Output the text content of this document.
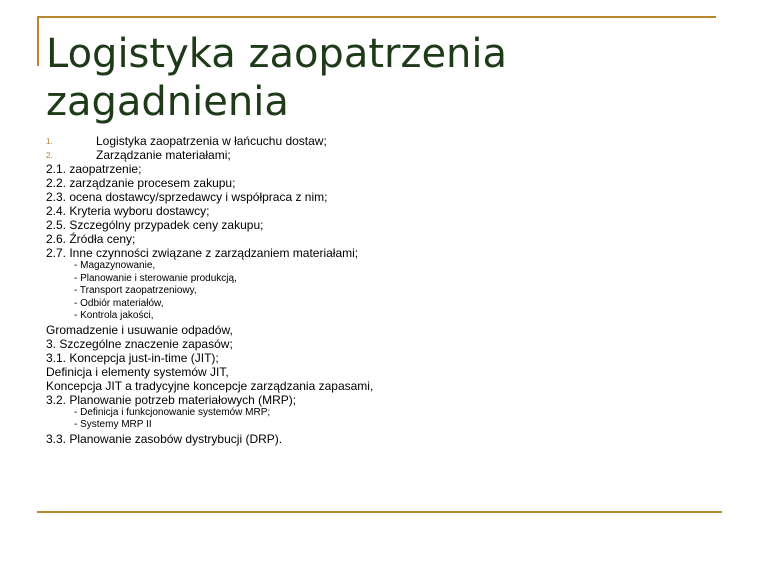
Logistyka zaopatrzenia
zagadnienia
1.	Logistyka zaopatrzenia w łańcuchu dostaw;
2.	Zarządzanie materiałami;
2.1. zaopatrzenie;
2.2. zarządzanie procesem zakupu;
2.3. ocena dostawcy/sprzedawcy i współpraca z nim;
2.4. Kryteria wyboru dostawcy;
2.5. Szczególny przypadek ceny zakupu;
2.6. Źródła ceny;
2.7. Inne czynności związane z zarządzaniem materiałami;
- Magazynowanie,
- Planowanie i sterowanie produkcją,
- Transport zaopatrzeniowy,
- Odbiór materiałów,
- Kontrola jakości,
Gromadzenie i usuwanie odpadów,
3. Szczególne znaczenie zapasów;
3.1. Koncepcja just-in-time (JIT);
Definicja i elementy systemów JIT,
Koncepcja JIT a tradycyjne koncepcje zarządzania zapasami,
3.2. Planowanie potrzeb materiałowych (MRP);
- Definicja i funkcjonowanie systemów MRP;
- Systemy MRP II
3.3. Planowanie zasobów dystrybucji (DRP).
